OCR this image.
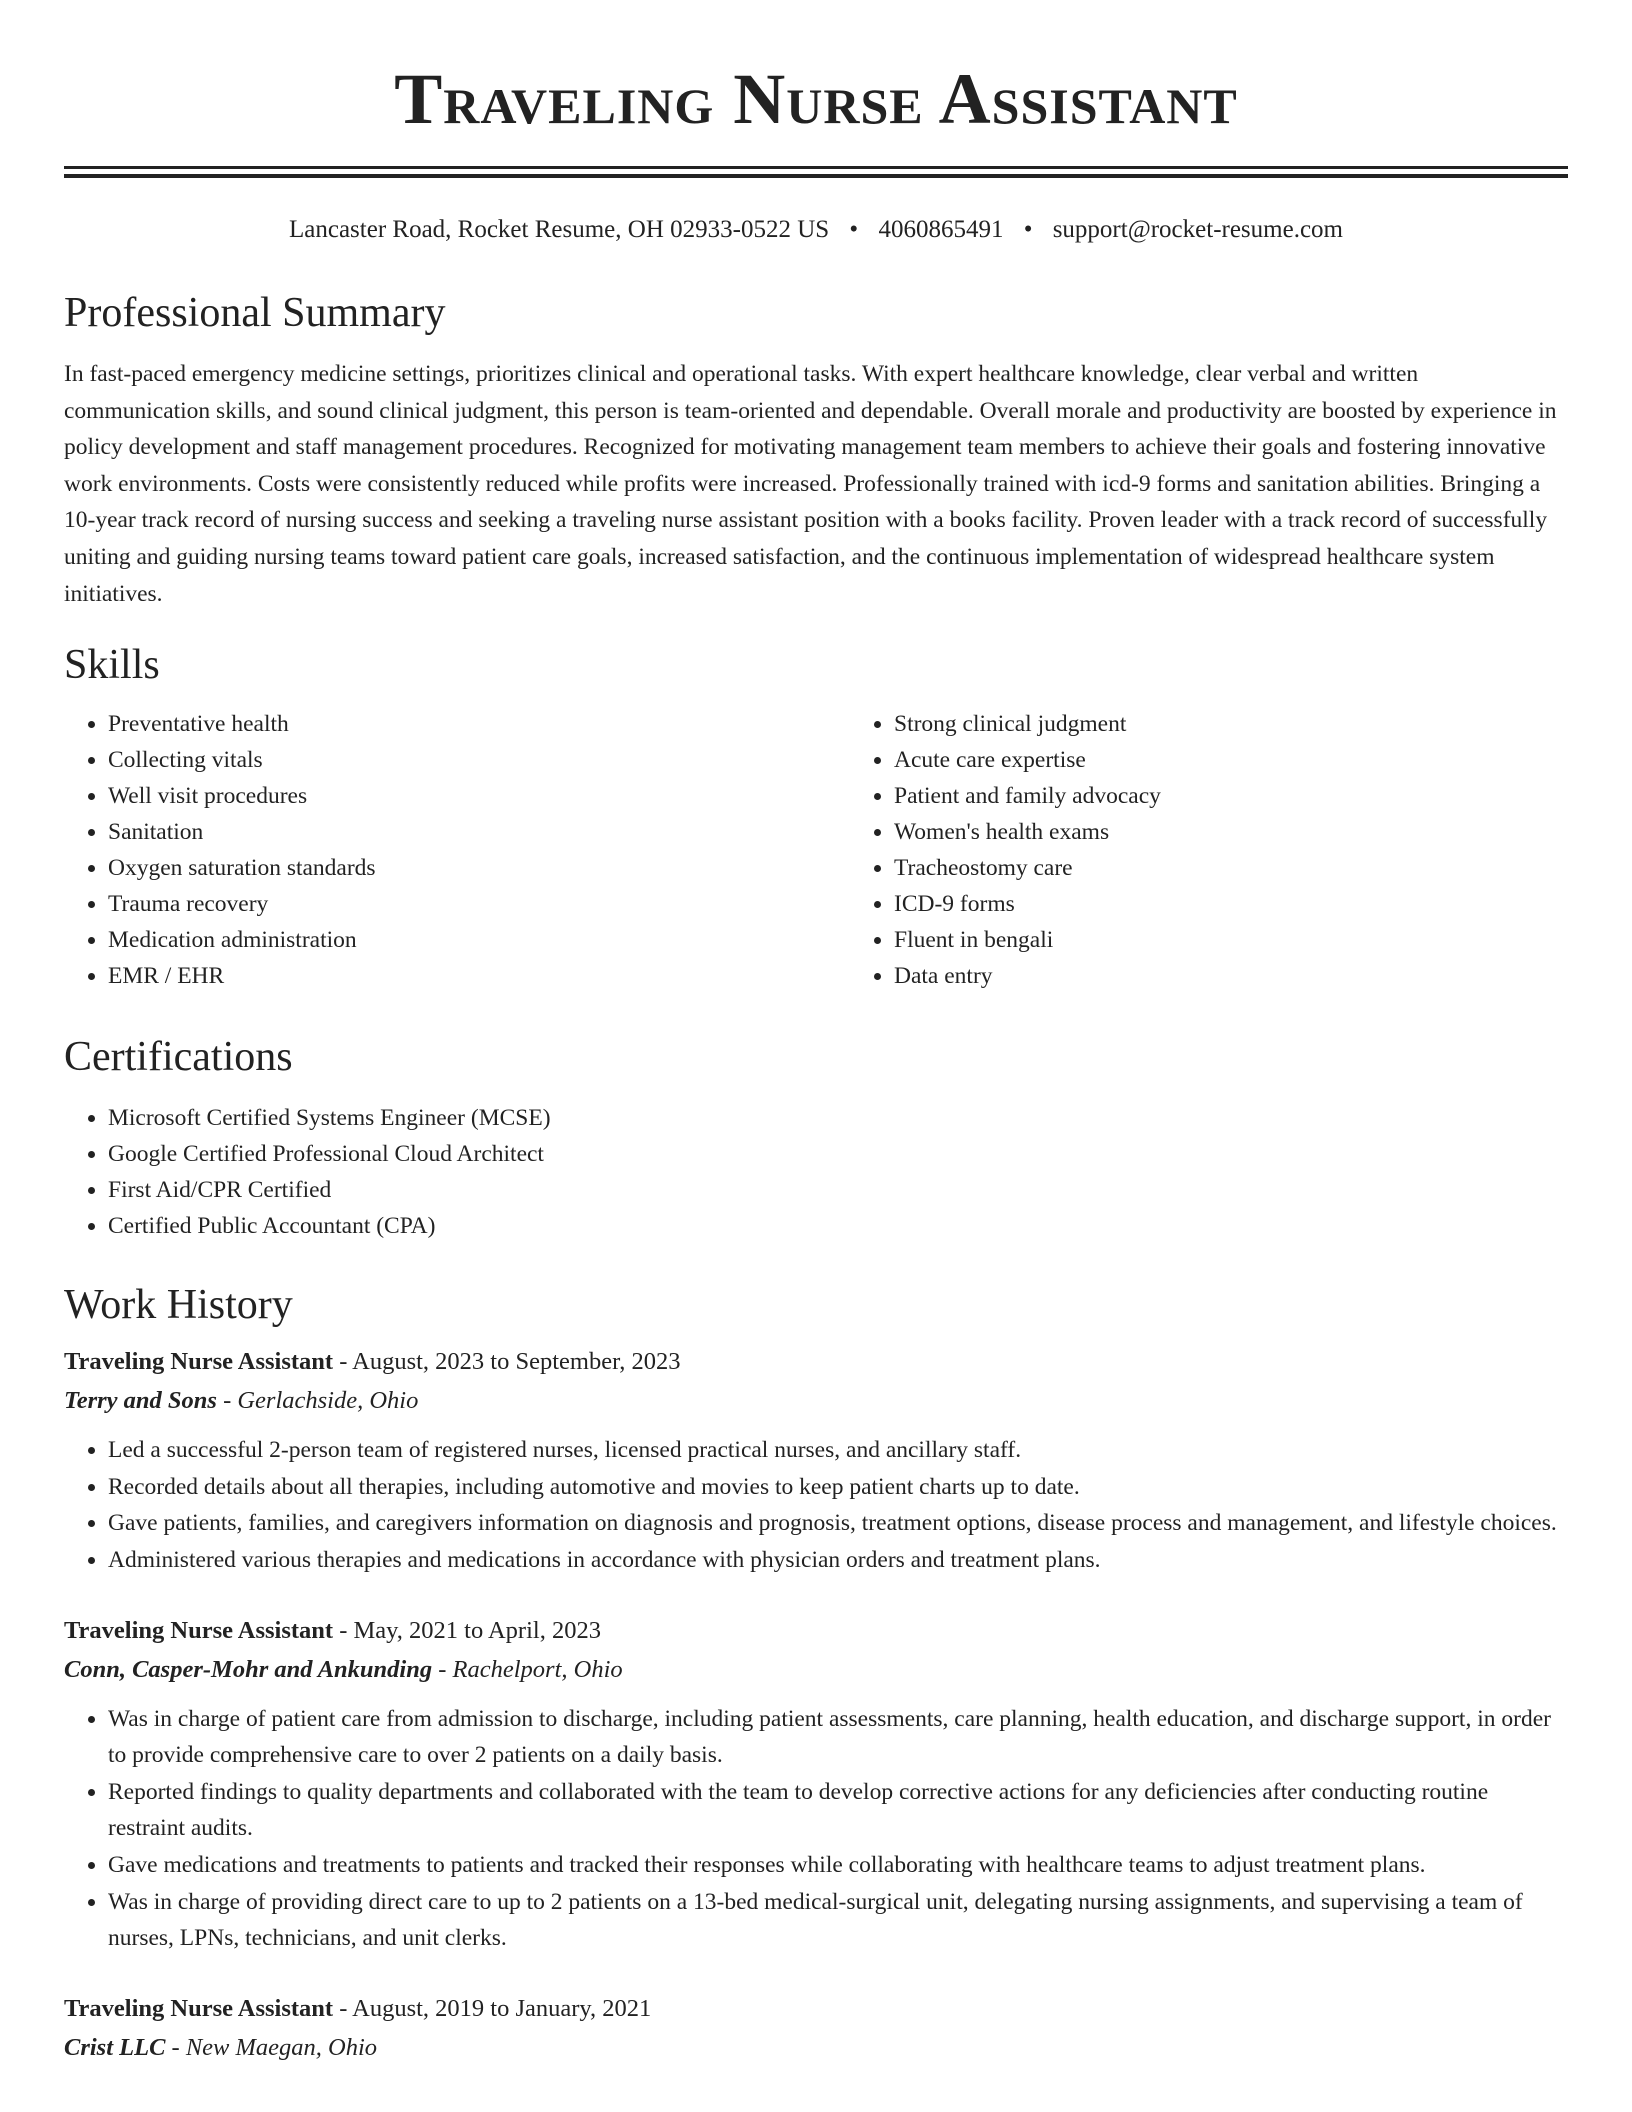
Traveling Nurse Assistant
Lancaster Road, Rocket Resume, OH 02933-0522 US • 4060865491 • support@rocket-resume.com
Professional Summary

In fast-paced emergency medicine settings, prioritizes clinical and operational tasks. With expert healthcare knowledge, clear verbal and written communication skills, and sound clinical judgment, this person is team-oriented and dependable. Overall morale and productivity are boosted by experience in policy development and staff management procedures. Recognized for motivating management team members to achieve their goals and fostering innovative work environments. Costs were consistently reduced while profits were increased. Professionally trained with icd-9 forms and sanitation abilities. Bringing a 10-year track record of nursing success and seeking a traveling nurse assistant position with a books facility. Proven leader with a track record of successfully uniting and guiding nursing teams toward patient care goals, increased satisfaction, and the continuous implementation of widespread healthcare system initiatives.

Skills
• Preventative health
• Collecting vitals
• Well visit procedures
• Sanitation
• Oxygen saturation standards
• Trauma recovery
• Medication administration
• EMR / EHR
• Strong clinical judgment
• Acute care expertise
• Patient and family advocacy
• Women's health exams
• Tracheostomy care
• ICD-9 forms
• Fluent in bengali
• Data entry
Certifications
• Microsoft Certified Systems Engineer (MCSE)
• Google Certified Professional Cloud Architect
• First Aid/CPR Certified
• Certified Public Accountant (CPA)
Work History
Traveling Nurse Assistant - August, 2023 to September, 2023
Terry and Sons - Gerlachside, Ohio
• Led a successful 2-person team of registered nurses, licensed practical nurses, and ancillary staff.
• Recorded details about all therapies, including automotive and movies to keep patient charts up to date.
• Gave patients, families, and caregivers information on diagnosis and prognosis, treatment options, disease process and management, and lifestyle choices.
• Administered various therapies and medications in accordance with physician orders and treatment plans.
Traveling Nurse Assistant - May, 2021 to April, 2023
Conn, Casper-Mohr and Ankunding - Rachelport, Ohio
• Was in charge of patient care from admission to discharge, including patient assessments, care planning, health education, and discharge support, in order to provide comprehensive care to over 2 patients on a daily basis.
• Reported findings to quality departments and collaborated with the team to develop corrective actions for any deficiencies after conducting routine restraint audits.
• Gave medications and treatments to patients and tracked their responses while collaborating with healthcare teams to adjust treatment plans.
• Was in charge of providing direct care to up to 2 patients on a 13-bed medical-surgical unit, delegating nursing assignments, and supervising a team of nurses, LPNs, technicians, and unit clerks.
Traveling Nurse Assistant - August, 2019 to January, 2021
Crist LLC - New Maegan, Ohio
